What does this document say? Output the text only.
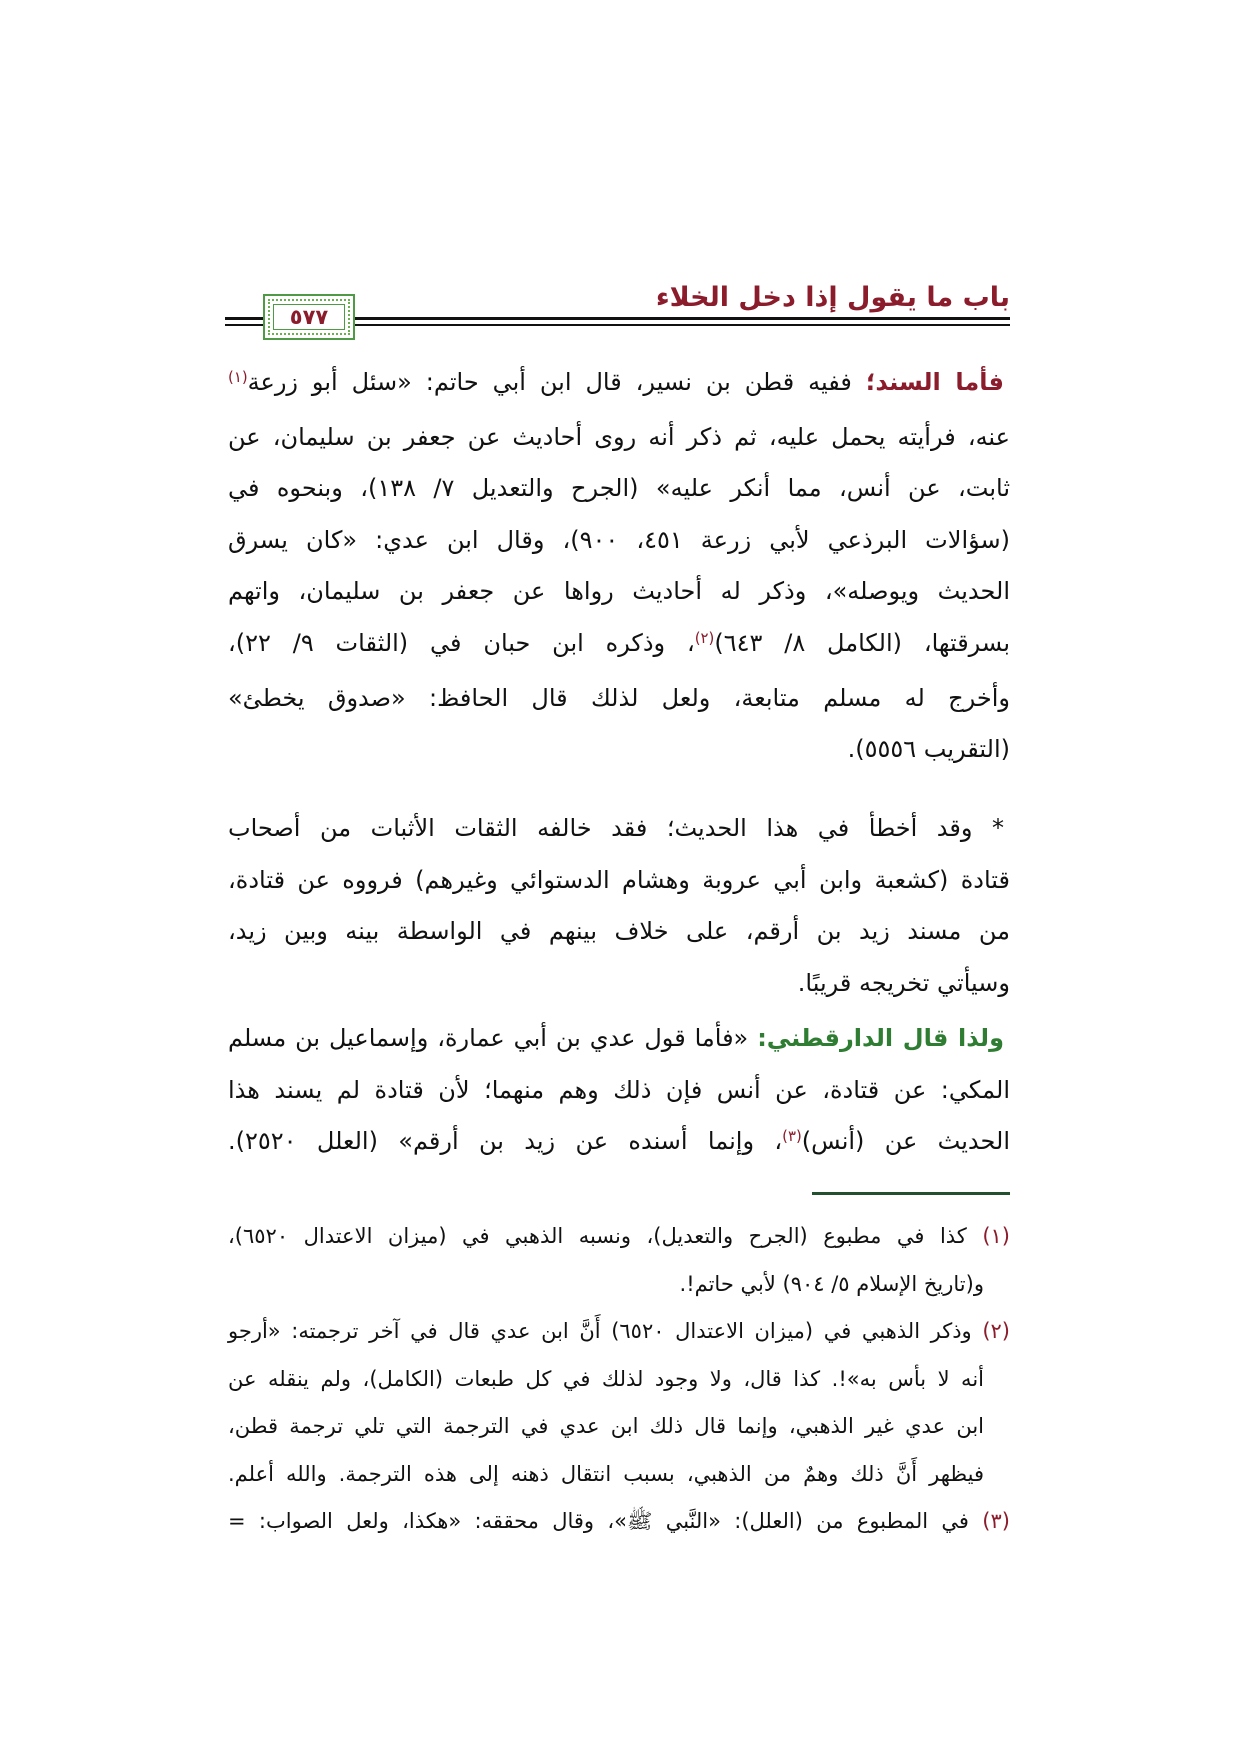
باب ما يقول إذا دخل الخلاء
٥٧٧
فأما السند؛ ففيه قطن بن نسير، قال ابن أبي حاتم: «سئل أبو زرعة$^{(١)}$
عنه، فرأيته يحمل عليه، ثم ذكر أنه روى أحاديث عن جعفر بن سليمان، عن
ثابت، عن أنس، مما أنكر عليه» (الجرح والتعديل ٧/ ١٣٨)، وبنحوه في
(سؤالات البرذعي لأبي زرعة ٤٥١، ٩٠٠)، وقال ابن عدي: «كان يسرق
الحديث ويوصله»، وذكر له أحاديث رواها عن جعفر بن سليمان، واتهم
بسرقتها، (الكامل ٨/ ٦٤٣)$^{(٢)}$، وذكره ابن حبان في (الثقات ٩/ ٢٢)،
وأخرج له مسلم متابعة، ولعل لذلك قال الحافظ: «صدوق يخطئ»
(التقريب ٥٥٥٦).
* وقد أخطأ في هذا الحديث؛ فقد خالفه الثقات الأثبات من أصحاب
قتادة (كشعبة وابن أبي عروبة وهشام الدستوائي وغيرهم) فرووه عن قتادة،
من مسند زيد بن أرقم، على خلاف بينهم في الواسطة بينه وبين زيد،
وسيأتي تخريجه قريبًا.
ولذا قال الدارقطني: «فأما قول عدي بن أبي عمارة، وإسماعيل بن مسلم
المكي: عن قتادة، عن أنس فإن ذلك وهم منهما؛ لأن قتادة لم يسند هذا
الحديث عن (أنس)$^{(٣)}$، وإنما أسنده عن زيد بن أرقم» (العلل ٢٥٢٠).
(١) كذا في مطبوع (الجرح والتعديل)، ونسبه الذهبي في (ميزان الاعتدال ٦٥٢٠)،
و(تاريخ الإسلام ٥/ ٩٠٤) لأبي حاتم!.
(٢) وذكر الذهبي في (ميزان الاعتدال ٦٥٢٠) أَنَّ ابن عدي قال في آخر ترجمته: «أرجو
أنه لا بأس به»!. كذا قال، ولا وجود لذلك في كل طبعات (الكامل)، ولم ينقله عن
ابن عدي غير الذهبي، وإنما قال ذلك ابن عدي في الترجمة التي تلي ترجمة قطن،
فيظهر أَنَّ ذلك وهمٌ من الذهبي، بسبب انتقال ذهنه إلى هذه الترجمة. والله أعلم.
(٣) في المطبوع من (العلل): «النَّبي ﷺ»، وقال محققه: «هكذا، ولعل الصواب: =
